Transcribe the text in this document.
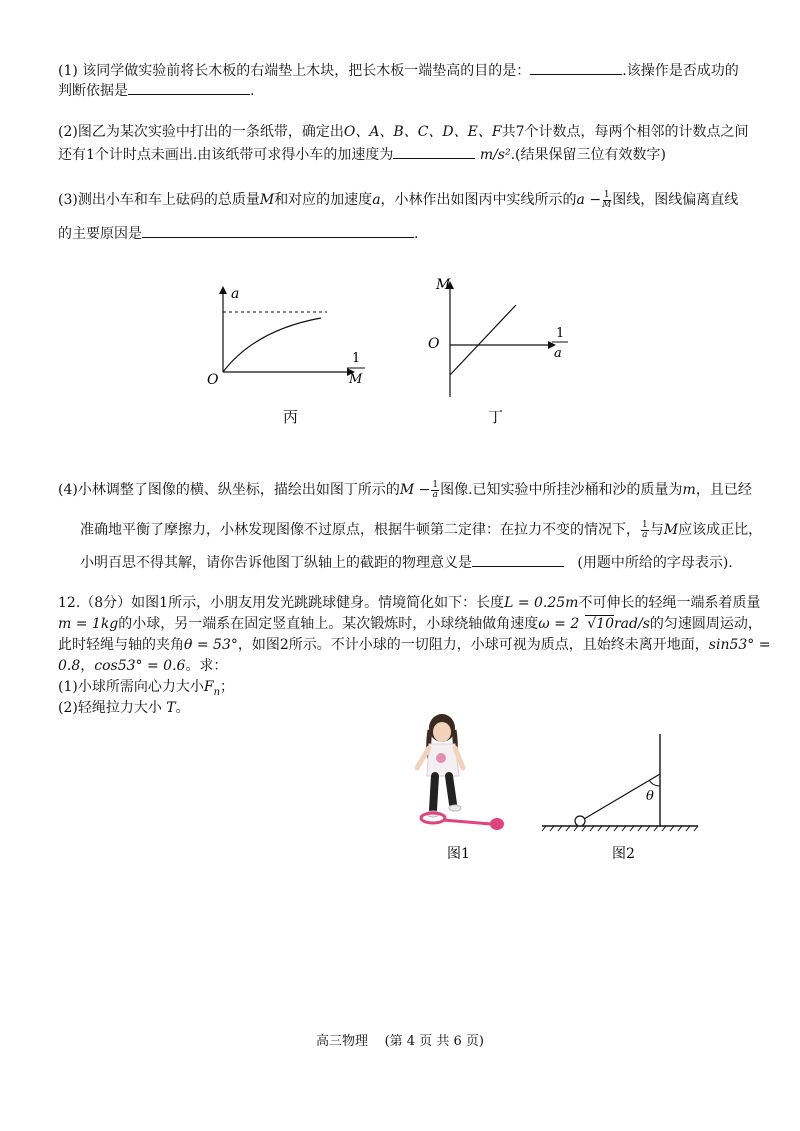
(1) 该同学做实验前将长木板的右端垫上木块，把长木板一端垫高的目的是：	.该操作是否成功的
判断依据是	.
(2)图乙为某次实验中打出的一条纸带，确定出O、A、B、C、D、E、F共7个计数点，每两个相邻的计数点之间
还有1个计时点未画出.由该纸带可求得小车的加速度为	m/s².(结果保留三位有效数字)
(3)测出小车和车上砝码的总质量M和对应的加速度a，小林作出如图丙中实线所示的$a - \frac{1}{M}$ 图线，图线偏离直线
的主要原因是	.
a
O
1
M
丙
M
O
1
a
丁
(4)小林调整了图像的横、纵坐标，描绘出如图丁所示的$M - \frac{1}{a}$ 图像.已知实验中所挂沙桶和沙的质量为m，且已经
准确地平衡了摩擦力，小林发现图像不过原点，根据牛顿第二定律：在拉力不变的情况下， $\frac{1}{a}$ 与M应该成正比，
小明百思不得其解，请你告诉他图丁纵轴上的截距的物理意义是	(用题中所给的字母表示).
12.（8分）如图1所示，小朋友用发光跳跳球健身。情境简化如下：长度L = 0.25m不可伸长的轻绳一端系着质量
m = 1kg的小球，另一端系在固定竖直轴上。某次锻炼时，小球绕轴做角速度ω = 2 √10rad/s的匀速圆周运动，
此时轻绳与轴的夹角θ = 53°，如图2所示。不计小球的一切阻力，小球可视为质点，且始终未离开地面，sin53° =
0.8，cos53° = 0.6。求：
(1)小球所需向心力大小$F_n$；
(2)轻绳拉力大小 T。
图1
θ
图2
高三物理 (第 4 页 共 6 页)
